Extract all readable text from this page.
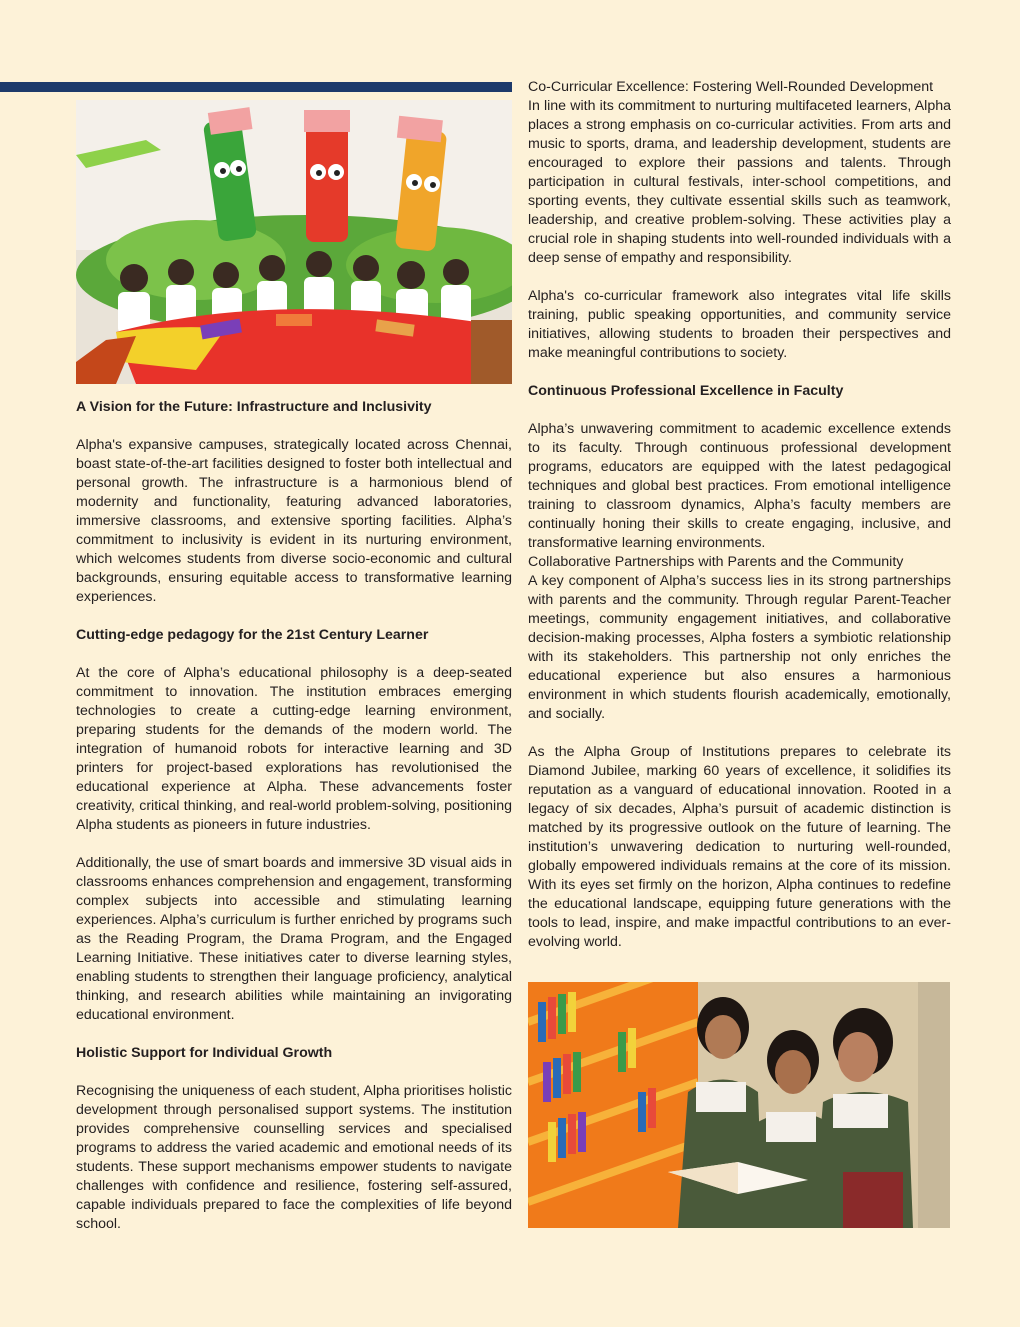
A Vision for the Future: Infrastructure and Inclusivity

Alpha's expansive campuses, strategically located across Chennai, boast state-of-the-art facilities designed to foster both intellectual and personal growth. The infrastructure is a harmonious blend of modernity and functionality, featuring advanced laboratories, immersive classrooms, and extensive sporting facilities. Alpha’s commitment to inclusivity is evident in its nurturing environment, which welcomes students from diverse socio-economic and cultural backgrounds, ensuring equitable access to transformative learning experiences.

Cutting-edge pedagogy for the 21st Century Learner

At the core of Alpha’s educational philosophy is a deep-seated commitment to innovation. The institution embraces emerging technologies to create a cutting-edge learning environment, preparing students for the demands of the modern world. The integration of humanoid robots for interactive learning and 3D printers for project-based explorations has revolutionised the educational experience at Alpha. These advancements foster creativity, critical thinking, and real-world problem-solving, positioning Alpha students as pioneers in future industries.

Additionally, the use of smart boards and immersive 3D visual aids in classrooms enhances comprehension and engagement, transforming complex subjects into accessible and stimulating learning experiences. Alpha’s curriculum is further enriched by programs such as the Reading Program, the Drama Program, and the Engaged Learning Initiative. These initiatives cater to diverse learning styles, enabling students to strengthen their language proficiency, analytical thinking, and research abilities while maintaining an invigorating educational environment.

Holistic Support for Individual Growth

Recognising the uniqueness of each student, Alpha prioritises holistic development through personalised support systems. The institution provides comprehensive counselling services and specialised programs to address the varied academic and emotional needs of its students. These support mechanisms empower students to navigate challenges with confidence and resilience, fostering self-assured, capable individuals prepared to face the complexities of life beyond school.

Co-Curricular Excellence: Fostering Well-Rounded Development

In line with its commitment to nurturing multifaceted learners, Alpha places a strong emphasis on co-curricular activities. From arts and music to sports, drama, and leadership development, students are encouraged to explore their passions and talents. Through participation in cultural festivals, inter-school competitions, and sporting events, they cultivate essential skills such as teamwork, leadership, and creative problem-solving. These activities play a crucial role in shaping students into well-rounded individuals with a deep sense of empathy and responsibility.

Alpha's co-curricular framework also integrates vital life skills training, public speaking opportunities, and community service initiatives, allowing students to broaden their perspectives and make meaningful contributions to society.

Continuous Professional Excellence in Faculty

Alpha’s unwavering commitment to academic excellence extends to its faculty. Through continuous professional development programs, educators are equipped with the latest pedagogical techniques and global best practices. From emotional intelligence training to classroom dynamics, Alpha’s faculty members are continually honing their skills to create engaging, inclusive, and transformative learning environments.

Collaborative Partnerships with Parents and the Community

A key component of Alpha’s success lies in its strong partnerships with parents and the community. Through regular Parent-Teacher meetings, community engagement initiatives, and collaborative decision-making processes, Alpha fosters a symbiotic relationship with its stakeholders. This partnership not only enriches the educational experience but also ensures a harmonious environment in which students flourish academically, emotionally, and socially.

As the Alpha Group of Institutions prepares to celebrate its Diamond Jubilee, marking 60 years of excellence, it solidifies its reputation as a vanguard of educational innovation. Rooted in a legacy of six decades, Alpha’s pursuit of academic distinction is matched by its progressive outlook on the future of learning. The institution’s unwavering dedication to nurturing well-rounded, globally empowered individuals remains at the core of its mission. With its eyes set firmly on the horizon, Alpha continues to redefine the educational landscape, equipping future generations with the tools to lead, inspire, and make impactful contributions to an ever-evolving world.
